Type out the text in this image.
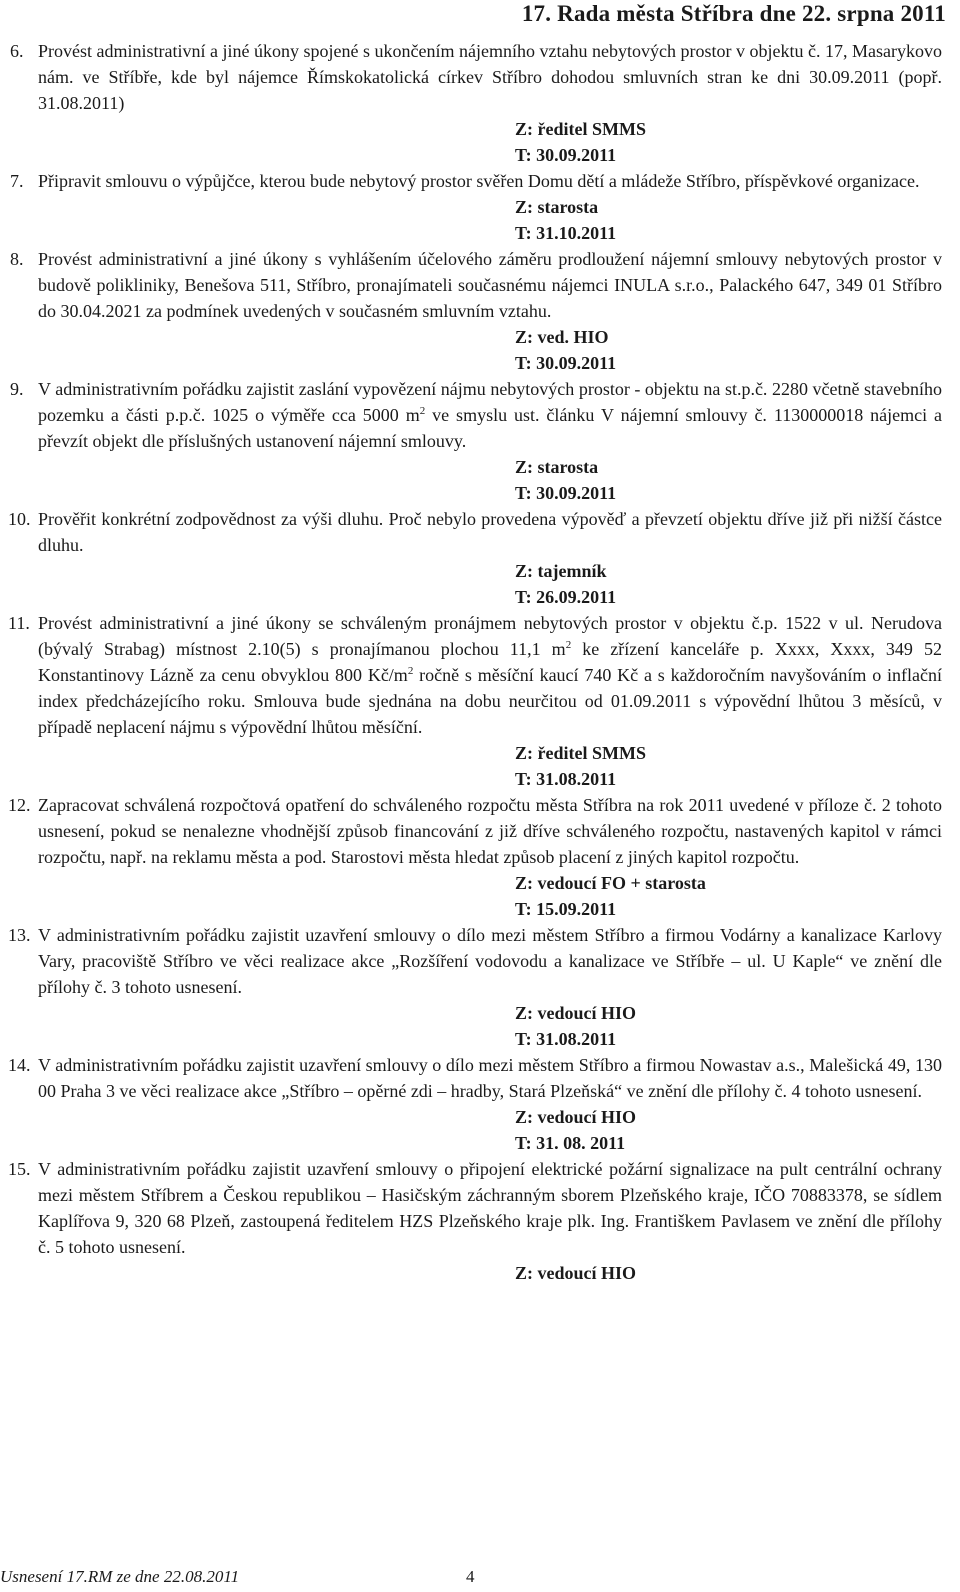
17. Rada města Stříbra dne 22. srpna 2011
6. Provést administrativní a jiné úkony spojené s ukončením nájemního vztahu nebytových prostor v objektu č. 17, Masarykovo nám. ve Stříbře, kde byl nájemce Římskokatolická církev Stříbro dohodou smluvních stran ke dni 30.09.2011 (popř. 31.08.2011)
Z: ředitel SMMS
T: 30.09.2011
7. Připravit smlouvu o výpůjčce, kterou bude nebytový prostor svěřen Domu dětí a mládeže Stříbro, příspěvkové organizace.
Z: starosta
T: 31.10.2011
8. Provést administrativní a jiné úkony s vyhlášením účelového záměru prodloužení nájemní smlouvy nebytových prostor v budově polikliniky, Benešova 511, Stříbro, pronajímateli současnému nájemci INULA s.r.o., Palackého 647, 349 01 Stříbro do 30.04.2021 za podmínek uvedených v současném smluvním vztahu.
Z: ved. HIO
T: 30.09.2011
9. V administrativním pořádku zajistit zaslání vypovězení nájmu nebytových prostor - objektu na st.p.č. 2280 včetně stavebního pozemku a části p.p.č. 1025 o výměře cca 5000 $m^2$ ve smyslu ust. článku V nájemní smlouvy č. 1130000018 nájemci a převzít objekt dle příslušných ustanovení nájemní smlouvy.
Z: starosta
T: 30.09.2011
10. Prověřit konkrétní zodpovědnost za výši dluhu. Proč nebylo provedena výpověď a převzetí objektu dříve již při nižší částce dluhu.
Z: tajemník
T: 26.09.2011
11. Provést administrativní a jiné úkony se schváleným pronájmem nebytových prostor v objektu č.p. 1522 v ul. Nerudova (bývalý Strabag) místnost 2.10(5) s pronajímanou plochou 11,1 $m^2$ ke zřízení kanceláře p. Xxxx, Xxxx, 349 52 Konstantinovy Lázně za cenu obvyklou 800 $Kč/m^2$ ročně s měsíční kaucí 740 Kč a s každoročním navyšováním o inflační index předcházejícího roku. Smlouva bude sjednána na dobu neurčitou od 01.09.2011 s výpovědní lhůtou 3 měsíců, v případě neplacení nájmu s výpovědní lhůtou měsíční.
Z: ředitel SMMS
T: 31.08.2011
12. Zapracovat schválená rozpočtová opatření do schváleného rozpočtu města Stříbra na rok 2011 uvedené v příloze č. 2 tohoto usnesení, pokud se nenalezne vhodnější způsob financování z již dříve schváleného rozpočtu, nastavených kapitol v rámci rozpočtu, např. na reklamu města a pod. Starostovi města hledat způsob placení z jiných kapitol rozpočtu.
Z: vedoucí FO + starosta
T: 15.09.2011
13. V administrativním pořádku zajistit uzavření smlouvy o dílo mezi městem Stříbro a firmou Vodárny a kanalizace Karlovy Vary, pracoviště Stříbro ve věci realizace akce „Rozšíření vodovodu a kanalizace ve Stříbře – ul. U Kaple“ ve znění dle přílohy č. 3 tohoto usnesení.
Z: vedoucí HIO
T: 31.08.2011
14. V administrativním pořádku zajistit uzavření smlouvy o dílo mezi městem Stříbro a firmou Nowastav a.s., Malešická 49, 130 00 Praha 3 ve věci realizace akce „Stříbro – opěrné zdi – hradby, Stará Plzeňská“ ve znění dle přílohy č. 4 tohoto usnesení.
Z: vedoucí HIO
T: 31. 08. 2011
15. V administrativním pořádku zajistit uzavření smlouvy o připojení elektrické požární signalizace na pult centrální ochrany mezi městem Stříbrem a Českou republikou – Hasičským záchranným sborem Plzeňského kraje, IČO 70883378, se sídlem Kaplířova 9, 320 68 Plzeň, zastoupená ředitelem HZS Plzeňského kraje plk. Ing. Františkem Pavlasem ve znění dle přílohy č. 5 tohoto usnesení.
Z: vedoucí HIO
Usnesení 17.RM ze dne 22.08.2011	4
